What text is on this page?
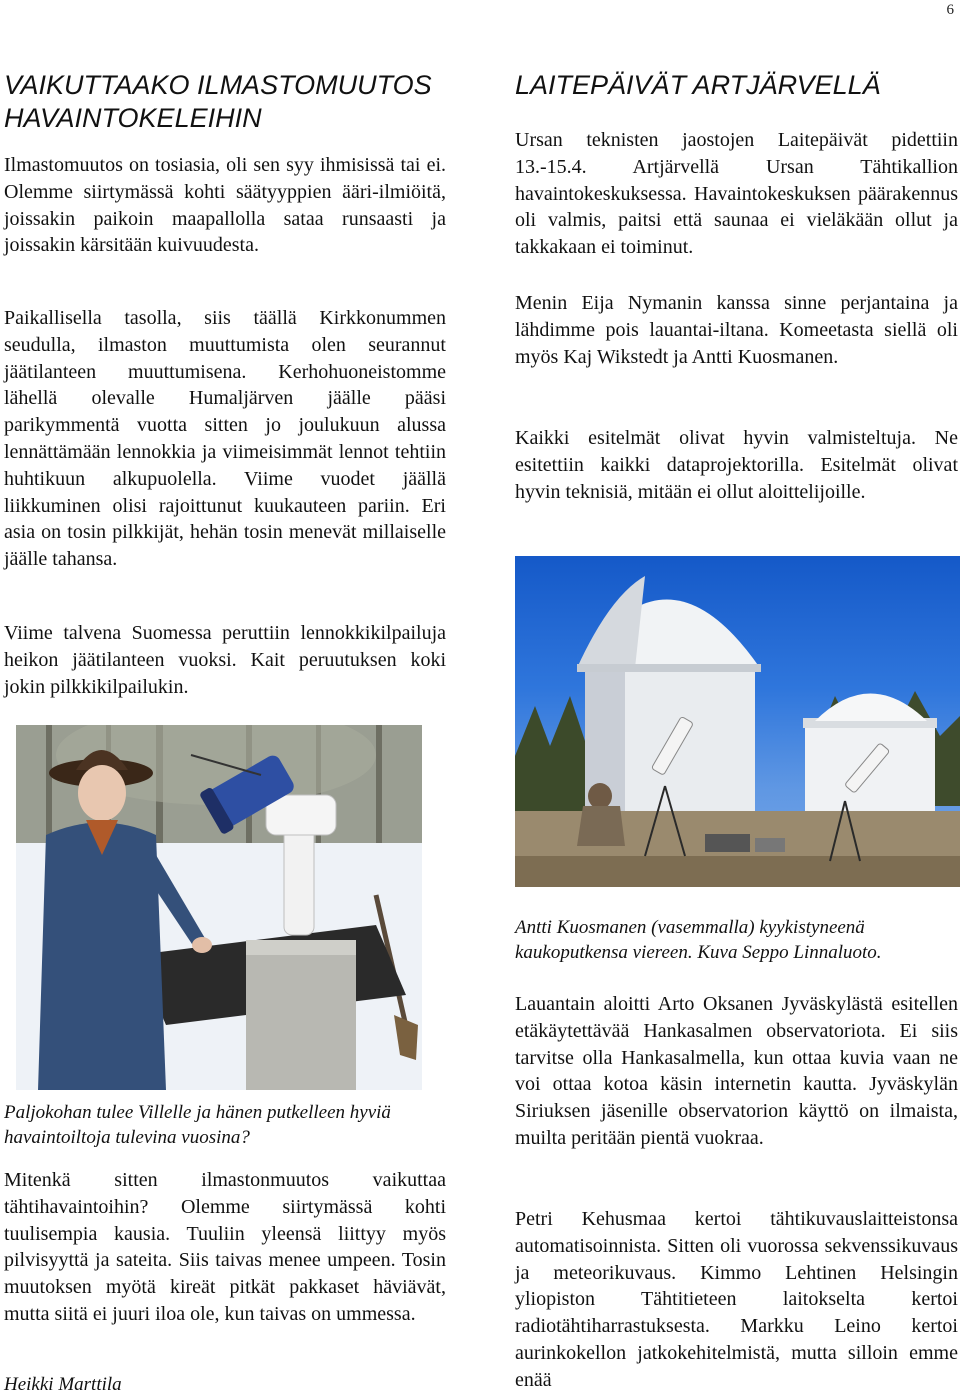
6
VAIKUTTAAKO ILMASTOMUUTOS
HAVAINTOKELEIHIN

Ilmastomuutos on tosiasia, oli sen syy ihmisissä tai ei. Olemme siirtymässä kohti säätyyppien ääri-ilmiöitä, joissakin paikoin maapallolla sataa runsaasti ja joissakin kärsitään kuivuudesta.

Paikallisella tasolla, siis täällä Kirkkonummen seudulla, ilmaston muuttumista olen seurannut jäätilanteen muuttumisena. Kerhohuoneistomme lähellä olevalle Humaljärven jäälle pääsi parikymmentä vuotta sitten jo joulukuun alussa lennättämään lennokkia ja viimeisimmät lennot tehtiin huhtikuun alkupuolella. Viime vuodet jäällä liikkuminen olisi rajoittunut kuukauteen pariin. Eri asia on tosin pilkkijät, hehän tosin menevät millaiselle jäälle tahansa.

Viime talvena Suomessa peruttiin lennokkikilpailuja heikon jäätilanteen vuoksi. Kait peruutuksen koki jokin pilkkikilpailukin.

Paljokohan tulee Villelle ja hänen putkelleen hyviä havaintoiltoja tulevina vuosina?

Mitenkä sitten ilmastonmuutos vaikuttaa tähtihavaintoihin? Olemme siirtymässä kohti tuulisempia kausia. Tuuliin yleensä liittyy myös pilvisyyttä ja sateita. Siis taivas menee umpeen. Tosin muutoksen myötä kireät pitkät pakkaset häviävät, mutta siitä ei juuri iloa ole, kun taivas on ummessa.

Heikki Marttila

LAITEPÄIVÄT ARTJÄRVELLÄ

Ursan teknisten jaostojen Laitepäivät pidettiin 13.-15.4. Artjärvellä Ursan Tähtikallion havaintokeskuksessa. Havaintokeskuksen päärakennus oli valmis, paitsi että saunaa ei vieläkään ollut ja takkakaan ei toiminut.

Menin Eija Nymanin kanssa sinne perjantaina ja lähdimme pois lauantai-iltana. Komeetasta siellä oli myös Kaj Wikstedt ja Antti Kuosmanen.

Kaikki esitelmät olivat hyvin valmisteltuja. Ne esitettiin kaikki dataprojektorilla. Esitelmät olivat hyvin teknisiä, mitään ei ollut aloittelijoille.

Antti Kuosmanen (vasemmalla) kyykistyneenä kaukoputkensa viereen. Kuva Seppo Linnaluoto.

Lauantain aloitti Arto Oksanen Jyväskylästä esitellen etäkäytettävää Hankasalmen observatoriota. Ei siis tarvitse olla Hankasalmella, kun ottaa kuvia vaan ne voi ottaa kotoa käsin internetin kautta. Jyväskylän Siriuksen jäsenille observatorion käyttö on ilmaista, muilta peritään pientä vuokraa.

Petri Kehusmaa kertoi tähtikuvauslaitteistonsa automatisoinnista. Sitten oli vuorossa sekvenssikuvaus ja meteorikuvaus. Kimmo Lehtinen Helsingin yliopiston Tähtitieteen laitokselta kertoi radiotähtiharrastuksesta. Markku Leino kertoi aurinkokellon jatkokehitelmistä, mutta silloin emme enää
